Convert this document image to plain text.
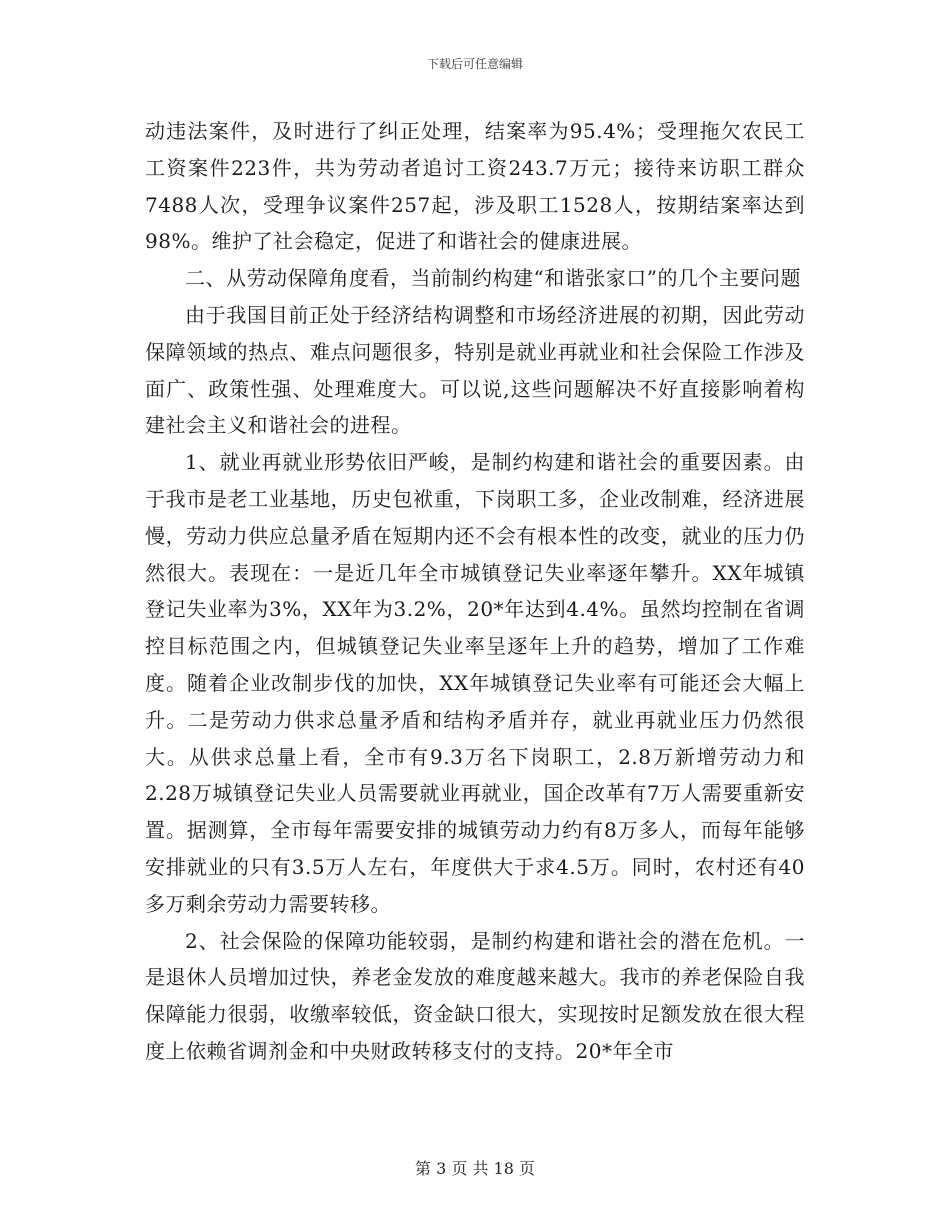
下载后可任意编辑

动违法案件，及时进行了纠正处理，结案率为95.4%；受理拖欠农民工工资案件223件，共为劳动者追讨工资243.7万元；接待来访职工群众7488人次，受理争议案件257起，涉及职工1528人，按期结案率达到98%。维护了社会稳定，促进了和谐社会的健康进展。

二、从劳动保障角度看，当前制约构建“和谐张家口”的几个主要问题

由于我国目前正处于经济结构调整和市场经济进展的初期，因此劳动保障领域的热点、难点问题很多，特别是就业再就业和社会保险工作涉及面广、政策性强、处理难度大。可以说,这些问题解决不好直接影响着构建社会主义和谐社会的进程。

1、就业再就业形势依旧严峻，是制约构建和谐社会的重要因素。由于我市是老工业基地，历史包袱重，下岗职工多，企业改制难，经济进展慢，劳动力供应总量矛盾在短期内还不会有根本性的改变，就业的压力仍然很大。表现在：一是近几年全市城镇登记失业率逐年攀升。XX年城镇登记失业率为3%，XX年为3.2%，20*年达到4.4%。虽然均控制在省调控目标范围之内，但城镇登记失业率呈逐年上升的趋势，增加了工作难度。随着企业改制步伐的加快，XX年城镇登记失业率有可能还会大幅上升。二是劳动力供求总量矛盾和结构矛盾并存，就业再就业压力仍然很大。从供求总量上看，全市有9.3万名下岗职工，2.8万新增劳动力和2.28万城镇登记失业人员需要就业再就业，国企改革有7万人需要重新安置。据测算，全市每年需要安排的城镇劳动力约有8万多人，而每年能够安排就业的只有3.5万人左右，年度供大于求4.5万。同时，农村还有40多万剩余劳动力需要转移。

2、社会保险的保障功能较弱，是制约构建和谐社会的潜在危机。一是退休人员增加过快，养老金发放的难度越来越大。我市的养老保险自我保障能力很弱，收缴率较低，资金缺口很大，实现按时足额发放在很大程度上依赖省调剂金和中央财政转移支付的支持。20*年全市

第 3 页 共 18 页
